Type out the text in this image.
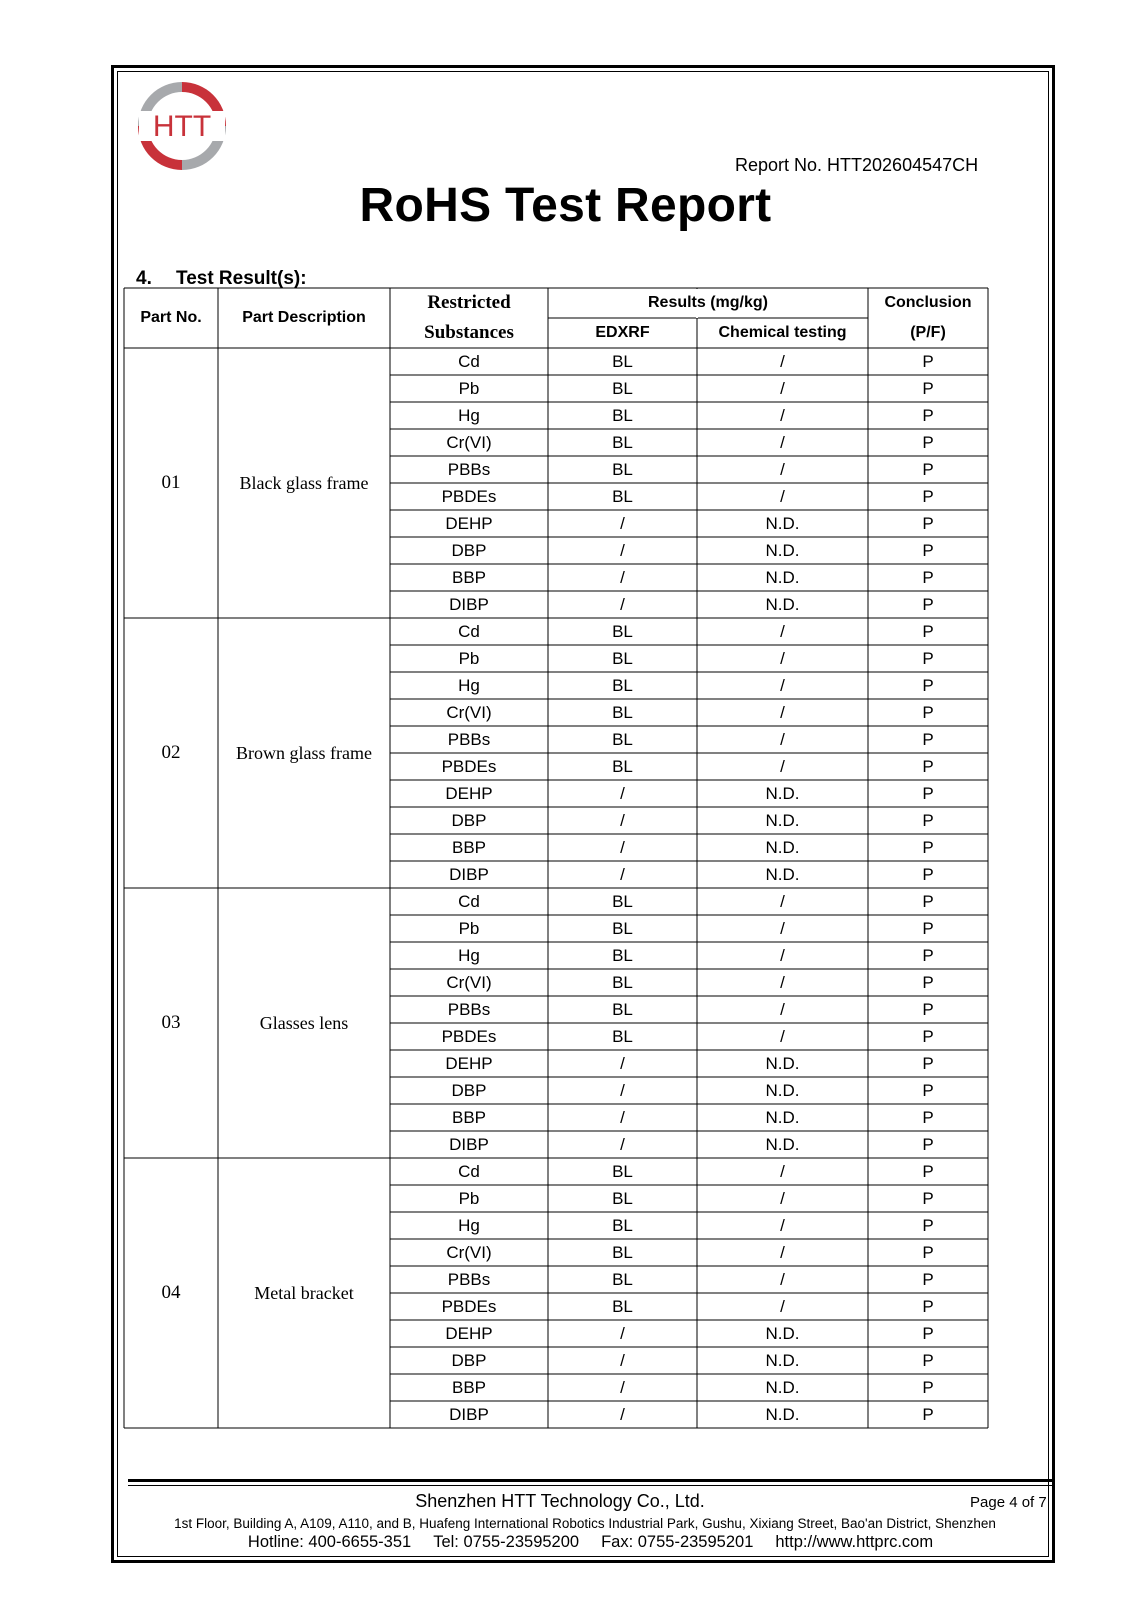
HTT
Report No. HTT202604547CH
RoHS Test Report
4. Test Result(s):
Part No.	Part Description
Restricted
Substances
Results (mg/kg)
EDXRF	Chemical testing
Conclusion
(P/F)
01	Black glass frame
Cd	BL	/	P
Pb	BL	/	P
Hg	BL	/	P
Cr(VI)	BL	/	P
PBBs	BL	/	P
PBDEs	BL	/	P
DEHP	/	N.D.	P
DBP	/	N.D.	P
BBP	/	N.D.	P
DIBP	/	N.D.	P
02	Brown glass frame
Cd	BL	/	P
Pb	BL	/	P
Hg	BL	/	P
Cr(VI)	BL	/	P
PBBs	BL	/	P
PBDEs	BL	/	P
DEHP	/	N.D.	P
DBP	/	N.D.	P
BBP	/	N.D.	P
DIBP	/	N.D.	P
03	Glasses lens
Cd	BL	/	P
Pb	BL	/	P
Hg	BL	/	P
Cr(VI)	BL	/	P
PBBs	BL	/	P
PBDEs	BL	/	P
DEHP	/	N.D.	P
DBP	/	N.D.	P
BBP	/	N.D.	P
DIBP	/	N.D.	P
04	Metal bracket
Cd	BL	/	P
Pb	BL	/	P
Hg	BL	/	P
Cr(VI)	BL	/	P
PBBs	BL	/	P
PBDEs	BL	/	P
DEHP	/	N.D.	P
DBP	/	N.D.	P
BBP	/	N.D.	P
DIBP	/	N.D.	P
Shenzhen HTT Technology Co., Ltd.	Page 4 of 7
1st Floor, Building A, A109, A110, and B, Huafeng International Robotics Industrial Park, Gushu, Xixiang Street, Bao'an District, Shenzhen
Hotline: 400-6655-351 Tel: 0755-23595200 Fax: 0755-23595201 http://www.httprc.com
